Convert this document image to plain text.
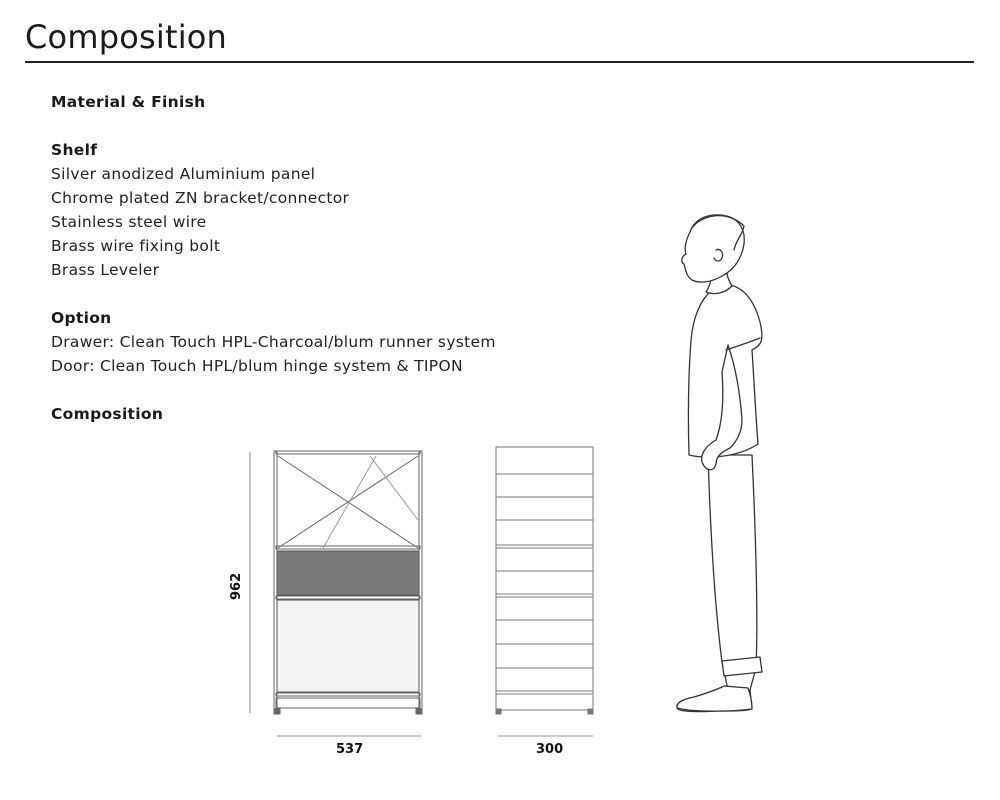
Composition
Material & Finish
Shelf
Silver anodized Aluminium panel
Chrome plated ZN bracket/connector
Stainless steel wire
Brass wire fixing bolt
Brass Leveler
Option
Drawer: Clean Touch HPL-Charcoal/blum runner system
Door: Clean Touch HPL/blum hinge system & TIPON
Composition
962
537	300
